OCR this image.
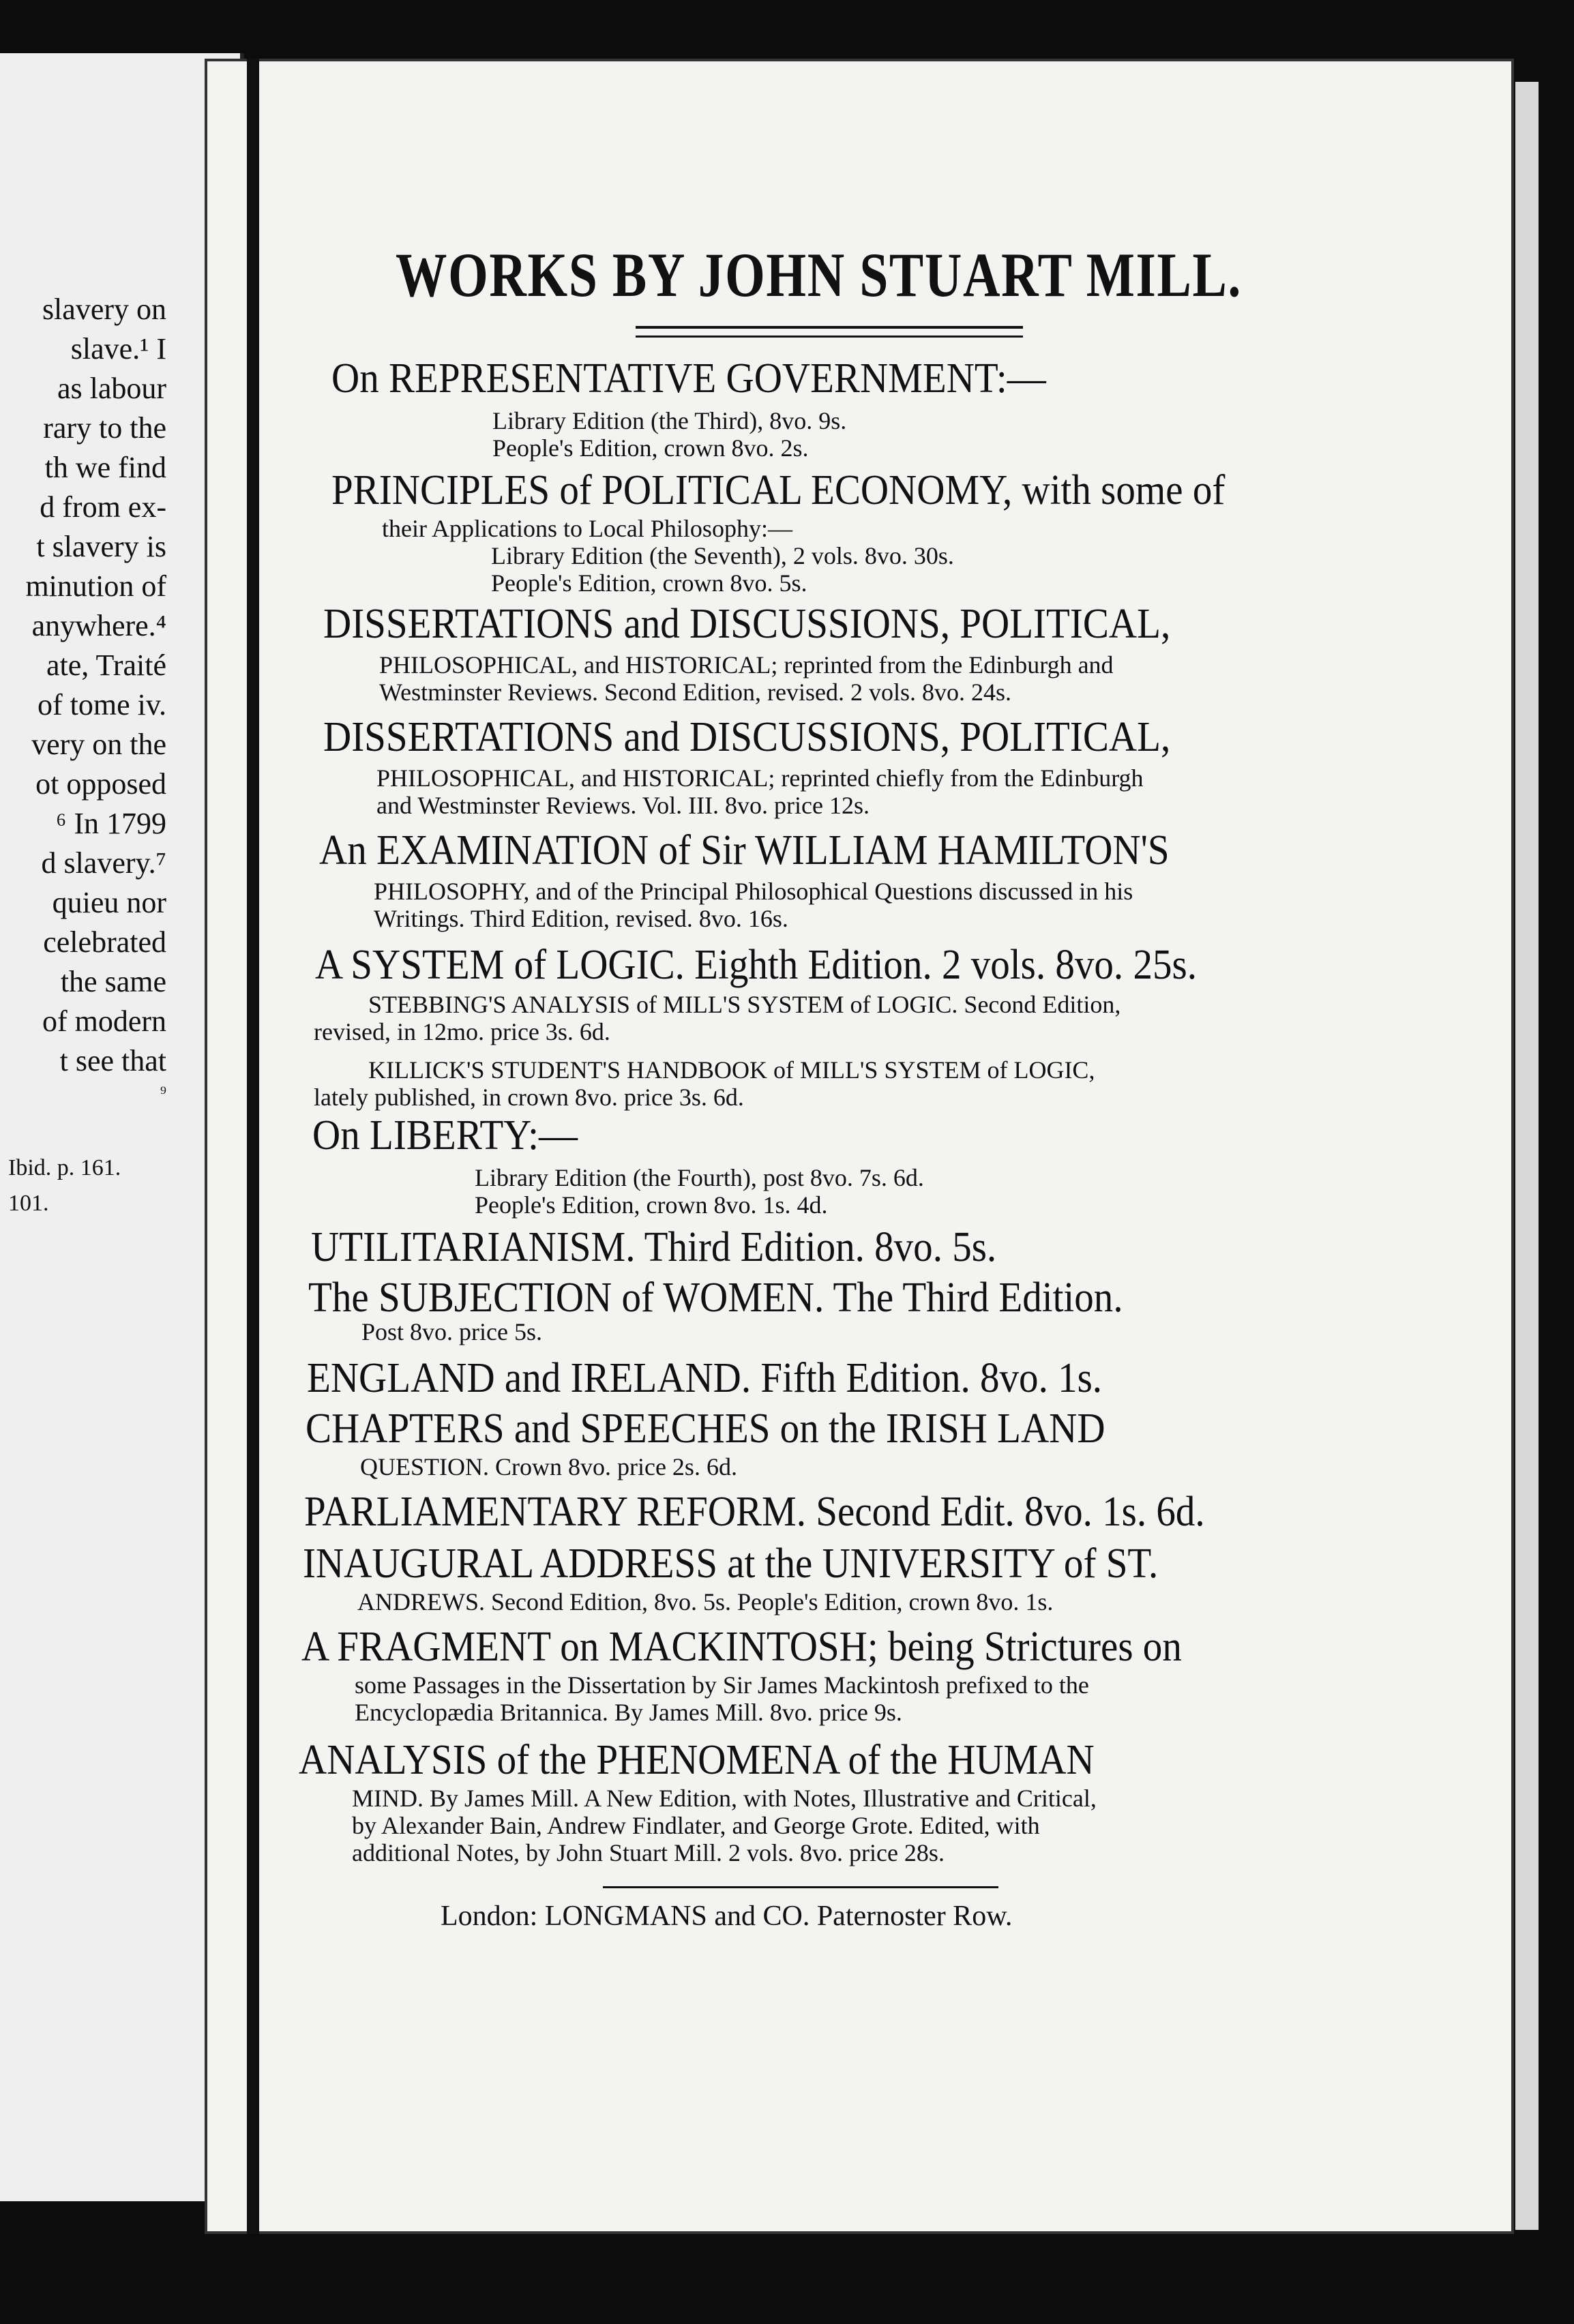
slavery on
slave.¹ I
as labour
rary to the
th we find
d from ex-
t slavery is
minution of
anywhere.⁴
ate, Traité
of tome iv.
very on the
ot opposed
⁶ In 1799
d slavery.⁷
quieu nor
celebrated
the same
of modern
t see that
⁹
Ibid. p. 161.
101.
WORKS BY JOHN STUART MILL.
On REPRESENTATIVE GOVERNMENT:—
Library Edition (the Third), 8vo. 9s.
People's Edition, crown 8vo. 2s.
PRINCIPLES of POLITICAL ECONOMY, with some of
their Applications to Local Philosophy:—
Library Edition (the Seventh), 2 vols. 8vo. 30s.
People's Edition, crown 8vo. 5s.
DISSERTATIONS and DISCUSSIONS, POLITICAL,
PHILOSOPHICAL, and HISTORICAL; reprinted from the Edinburgh and
Westminster Reviews. Second Edition, revised. 2 vols. 8vo. 24s.
DISSERTATIONS and DISCUSSIONS, POLITICAL,
PHILOSOPHICAL, and HISTORICAL; reprinted chiefly from the Edinburgh
and Westminster Reviews. Vol. III. 8vo. price 12s.
An EXAMINATION of Sir WILLIAM HAMILTON'S
PHILOSOPHY, and of the Principal Philosophical Questions discussed in his
Writings. Third Edition, revised. 8vo. 16s.
A SYSTEM of LOGIC. Eighth Edition. 2 vols. 8vo. 25s.
STEBBING'S ANALYSIS of MILL'S SYSTEM of LOGIC. Second Edition,
revised, in 12mo. price 3s. 6d.
KILLICK'S STUDENT'S HANDBOOK of MILL'S SYSTEM of LOGIC,
lately published, in crown 8vo. price 3s. 6d.
On LIBERTY:—
Library Edition (the Fourth), post 8vo. 7s. 6d.
People's Edition, crown 8vo. 1s. 4d.
UTILITARIANISM. Third Edition. 8vo. 5s.
The SUBJECTION of WOMEN. The Third Edition.
Post 8vo. price 5s.
ENGLAND and IRELAND. Fifth Edition. 8vo. 1s.
CHAPTERS and SPEECHES on the IRISH LAND
QUESTION. Crown 8vo. price 2s. 6d.
PARLIAMENTARY REFORM. Second Edit. 8vo. 1s. 6d.
INAUGURAL ADDRESS at the UNIVERSITY of ST.
ANDREWS. Second Edition, 8vo. 5s. People's Edition, crown 8vo. 1s.
A FRAGMENT on MACKINTOSH; being Strictures on
some Passages in the Dissertation by Sir James Mackintosh prefixed to the
Encyclopædia Britannica. By James Mill. 8vo. price 9s.
ANALYSIS of the PHENOMENA of the HUMAN
MIND. By James Mill. A New Edition, with Notes, Illustrative and Critical,
by Alexander Bain, Andrew Findlater, and George Grote. Edited, with
additional Notes, by John Stuart Mill. 2 vols. 8vo. price 28s.
London: LONGMANS and CO. Paternoster Row.
